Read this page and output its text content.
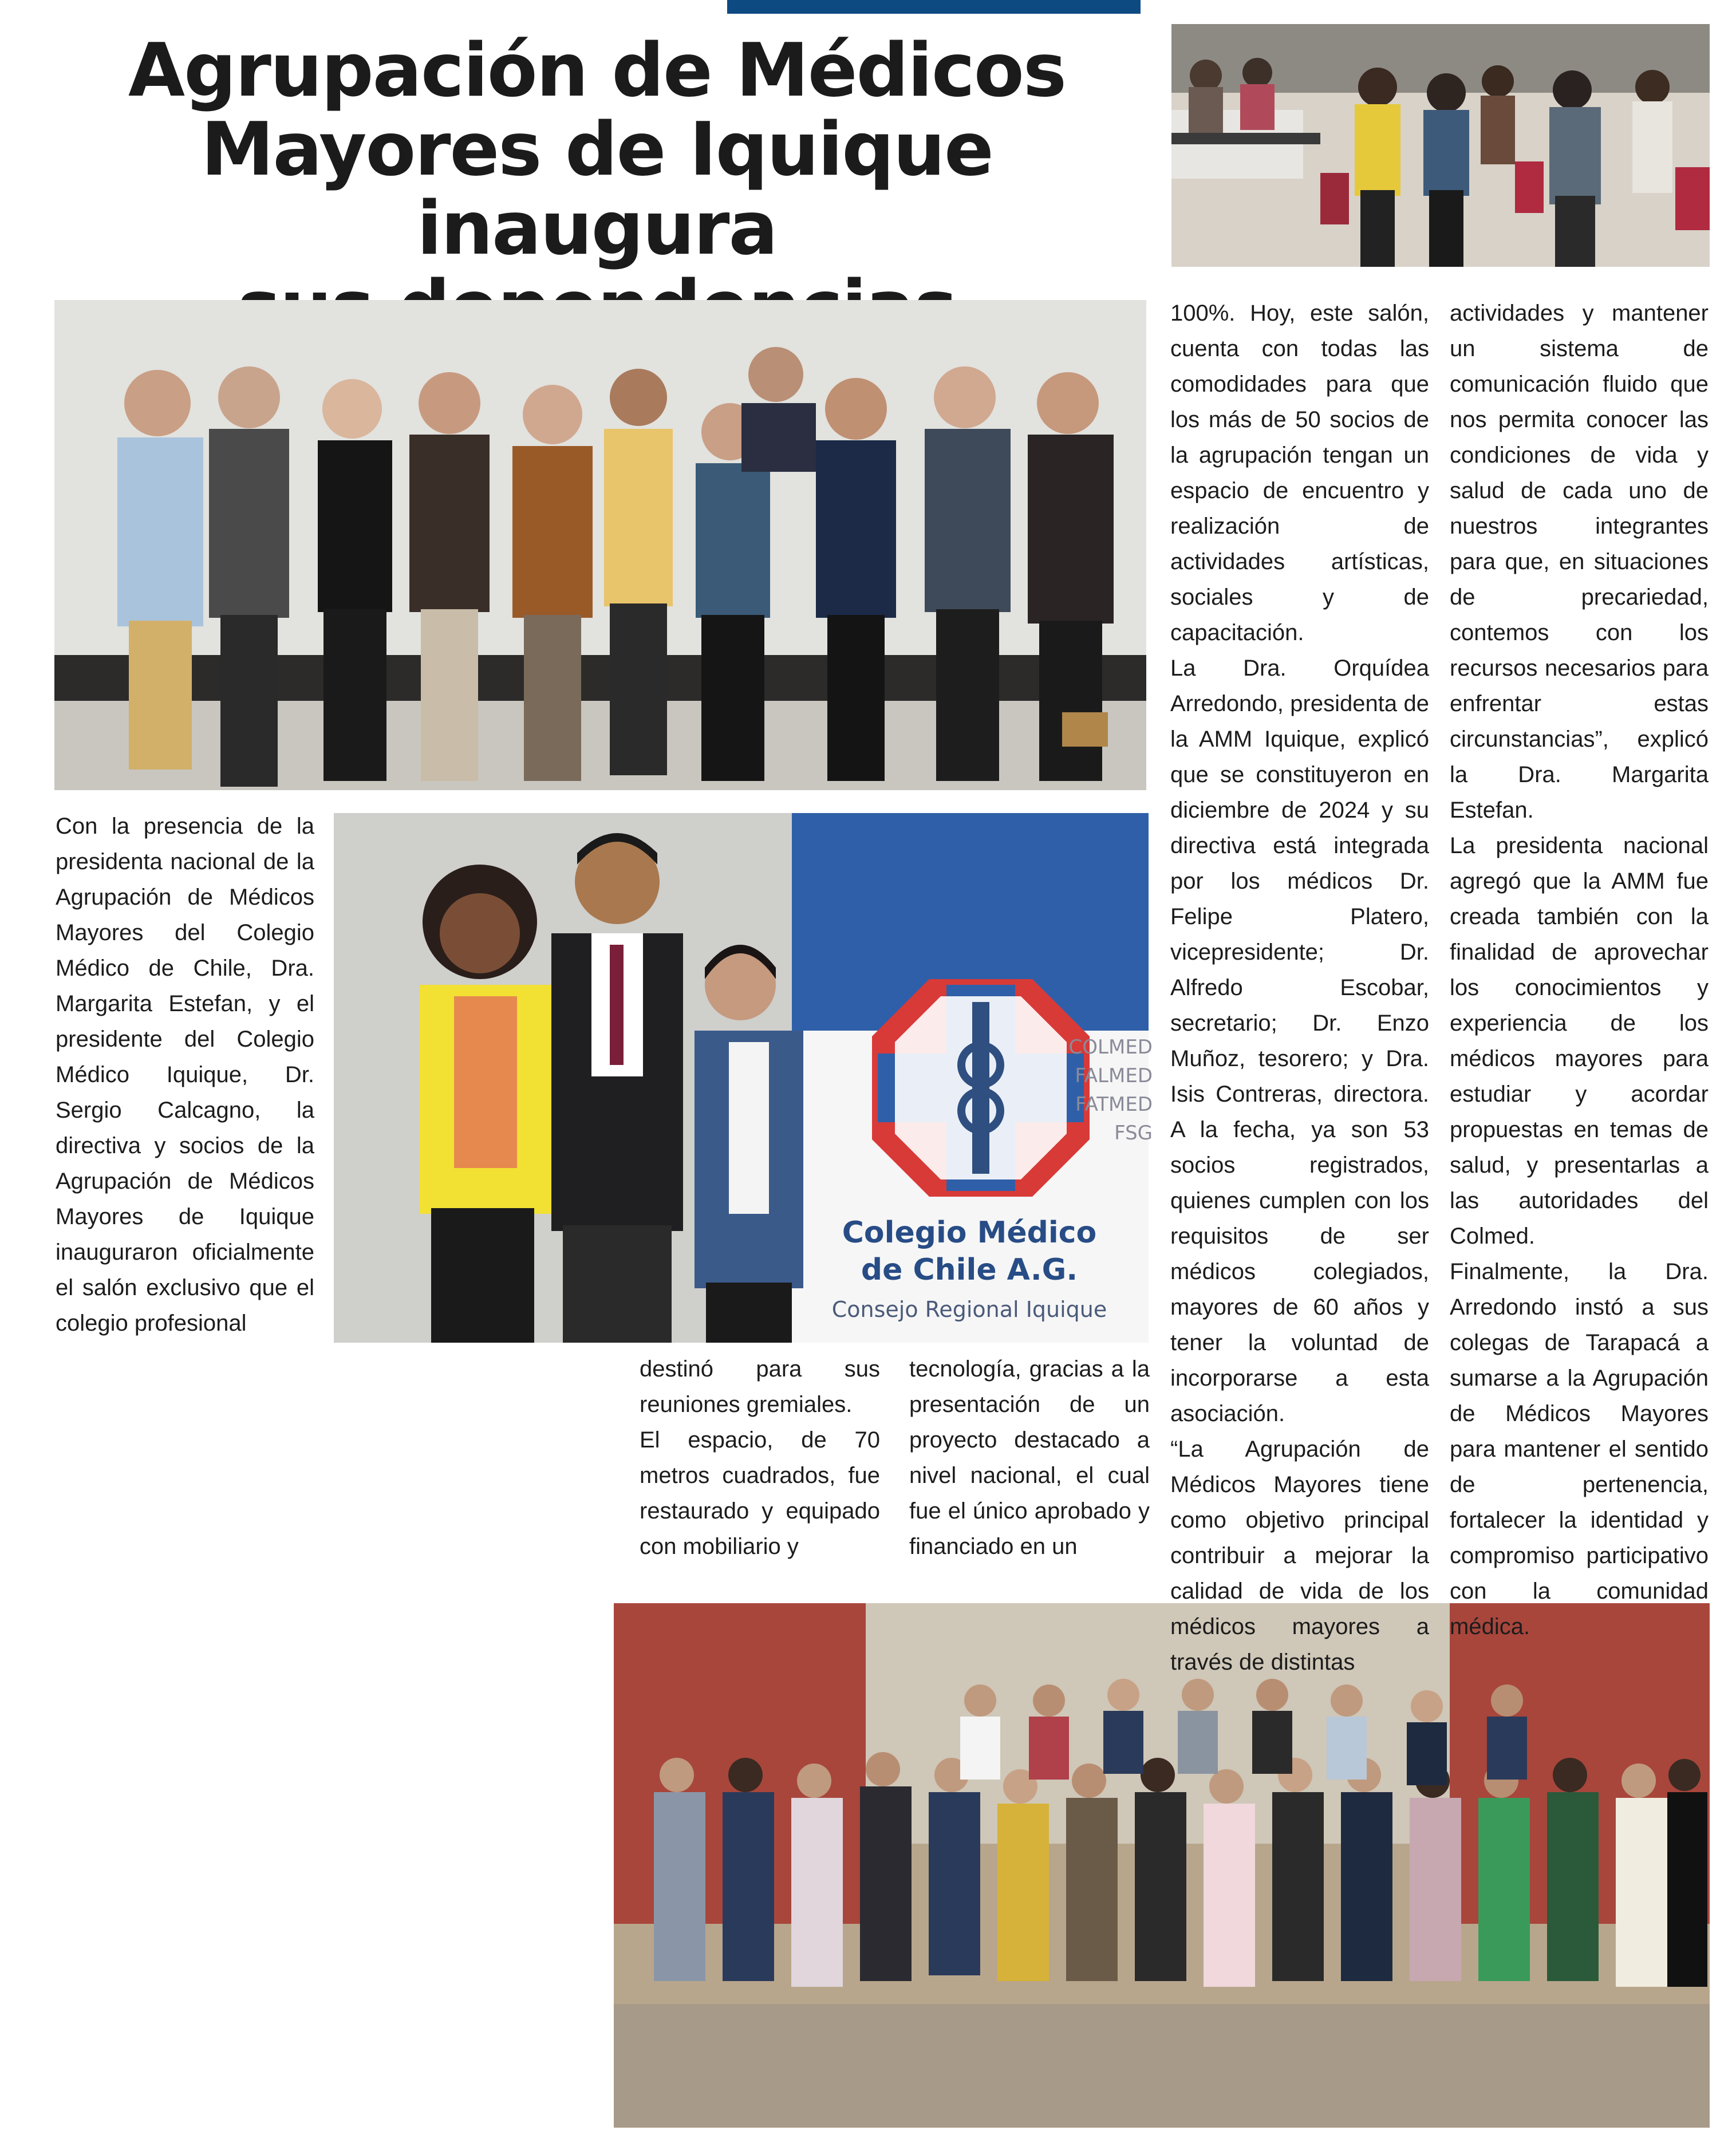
Agrupación de Médicos
Mayores de Iquique inaugura
COLMED
FALMED
FATMED
FSG
Colegio Médico
de Chile A.G.
Consejo Regional Iquique

Con la presencia de la presidenta nacional de la Agrupación de Médicos Mayores del Colegio Médico de Chile, Dra. Margarita Estefan, y el presidente del Colegio Médico Iquique, Dr. Sergio Calcagno, la directiva y socios de la Agrupación de Médicos Mayores de Iquique inauguraron oficialmente el salón exclusivo que el colegio profesional

destinó para sus reuniones gremiales.

El espacio, de 70 metros cuadrados, fue restaurado y equipado con mobiliario y

tecnología, gracias a la presentación de un proyecto destacado a nivel nacional, el cual fue el único aprobado y financiado en un

100%. Hoy, este salón, cuenta con todas las comodidades para que los más de 50 socios de la agrupación tengan un espacio de encuentro y realización de actividades artísticas, sociales y de capacitación.

La Dra. Orquídea Arredondo, presidenta de la AMM Iquique, explicó que se constituyeron en diciembre de 2024 y su directiva está integrada por los médicos Dr. Felipe Platero, vicepresidente; Dr. Alfredo Escobar, secretario; Dr. Enzo Muñoz, tesorero; y Dra. Isis Contreras, directora. A la fecha, ya son 53 socios registrados, quienes cumplen con los requisitos de ser médicos colegiados, mayores de 60 años y tener la voluntad de incorporarse a esta asociación.

“La Agrupación de Médicos Mayores tiene como objetivo principal contribuir a mejorar la calidad de vida de los médicos mayores a través de distintas

actividades y mantener un sistema de comunicación fluido que nos permita conocer las condiciones de vida y salud de cada uno de nuestros integrantes para que, en situaciones de precariedad, contemos con los recursos necesarios para enfrentar estas circunstancias”, explicó la Dra. Margarita Estefan.

La presidenta nacional agregó que la AMM fue creada también con la finalidad de aprovechar los conocimientos y experiencia de los médicos mayores para estudiar y acordar propuestas en temas de salud, y presentarlas a las autoridades del Colmed.

Finalmente, la Dra. Arredondo instó a sus colegas de Tarapacá a sumarse a la Agrupación de Médicos Mayores para mantener el sentido de pertenencia, fortalecer la identidad y compromiso participativo con la comunidad médica.
